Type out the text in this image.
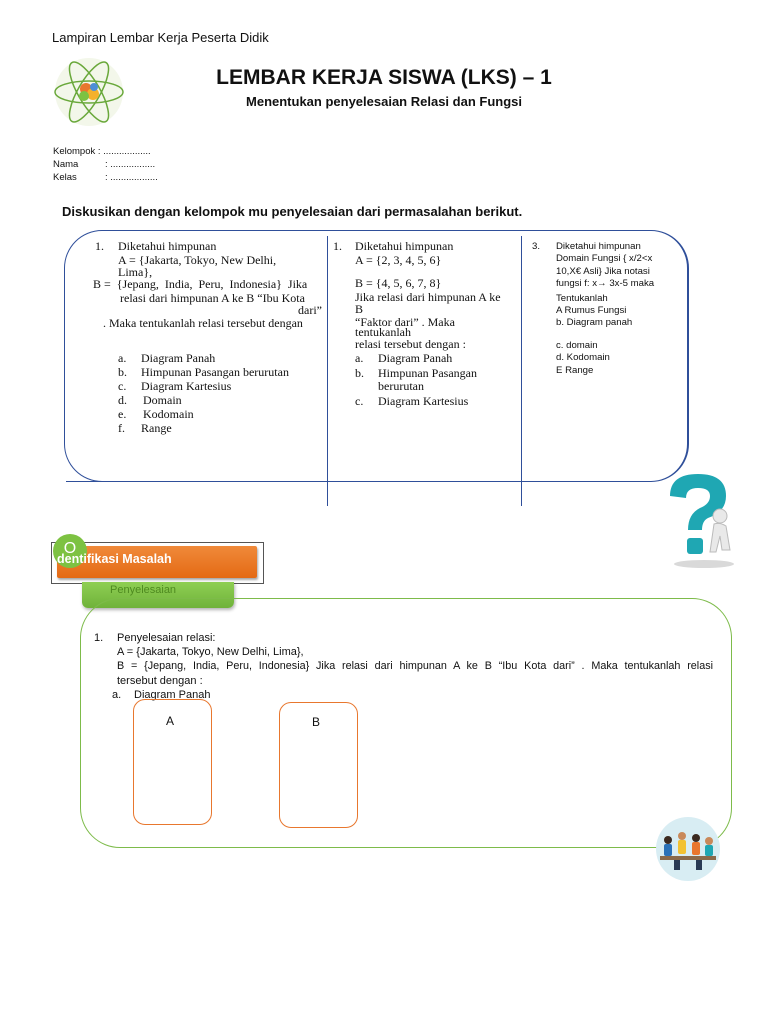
Lampiran Lembar Kerja Peserta Didik
LEMBAR KERJA SISWA (LKS) – 1
Menentukan penyelesaian Relasi dan Fungsi
Kelompok : ..................
Nama	: .................
Kelas	: ..................
Diskusikan dengan kelompok mu penyelesaian dari permasalahan berikut.
1. Diketahui himpunan
A = {Jakarta, Tokyo, New Delhi,
Lima},
B =  {Jepang,  India,  Peru,  Indonesia}  Jika
relasi dari himpunan A ke B “Ibu Kota
dari”
. Maka tentukanlah relasi tersebut dengan
a. Diagram Panah
b. Himpunan Pasangan berurutan
c. Diagram Kartesius
d. Domain
e. Kodomain
f. Range
1. Diketahui himpunan
A = {2, 3, 4, 5, 6}
B = {4, 5, 6, 7, 8}
Jika relasi dari himpunan A ke
B
“Faktor dari” . Maka
tentukanlah
relasi tersebut dengan :
a. Diagram Panah
b. Himpunan Pasangan
berurutan
c. Diagram Kartesius
3. Diketahui himpunan
Domain Fungsi { x/2<x
10,X€ Asli} Jika notasi
fungsi f: x→ 3x-5 maka
Tentukanlah
A Rumus Fungsi
b. Diagram panah
c. domain
d. Kodomain
E Range
O
dentifikasi Masalah
Penyelesaian
1. Penyelesaian relasi:
A = {Jakarta, Tokyo, New Delhi, Lima},
B = {Jepang, India, Peru, Indonesia} Jika relasi dari himpunan A ke B “Ibu Kota dari” . Maka tentukanlah relasi
tersebut dengan :
a. Diagram Panah
A	B
